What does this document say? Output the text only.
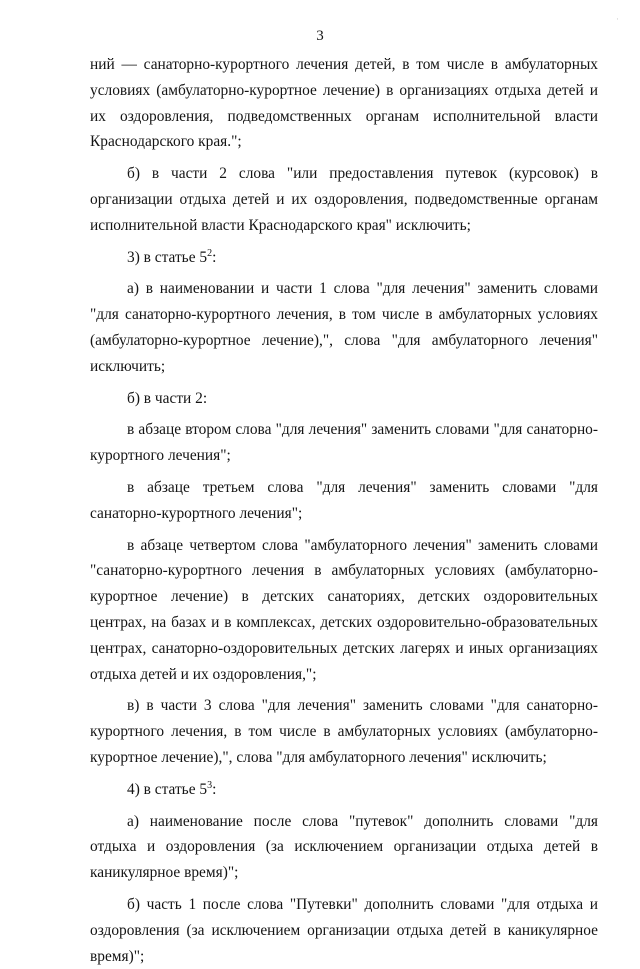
·
3

ний — санаторно-курортного лечения детей, в том числе в амбулаторных условиях (амбулаторно-курортное лечение) в организациях отдыха детей и их оздоровления, подведомственных органам исполнительной власти Краснодарского края.";

б) в части 2 слова "или предоставления путевок (курсовок) в организации отдыха детей и их оздоровления, подведомственные органам исполнительной власти Краснодарского края" исключить;

3) в статье $5^2$:

а) в наименовании и части 1 слова "для лечения" заменить словами "для санаторно-курортного лечения, в том числе в амбулаторных условиях (амбулаторно-курортное лечение),", слова "для амбулаторного лечения" исключить;

б) в части 2:

в абзаце втором слова "для лечения" заменить словами "для санаторно-курортного лечения";

в абзаце третьем слова "для лечения" заменить словами "для санаторно-курортного лечения";

в абзаце четвертом слова "амбулаторного лечения" заменить словами "санаторно-курортного лечения в амбулаторных условиях (амбулаторно-курортное лечение) в детских санаториях, детских оздоровительных центрах, на базах и в комплексах, детских оздоровительно-образовательных центрах, санаторно-оздоровительных детских лагерях и иных организациях отдыха детей и их оздоровления,";

в) в части 3 слова "для лечения" заменить словами "для санаторно-курортного лечения, в том числе в амбулаторных условиях (амбулаторно-курортное лечение),", слова "для амбулаторного лечения" исключить;

4) в статье $5^3$:

а) наименование после слова "путевок" дополнить словами "для отдыха и оздоровления (за исключением организации отдыха детей в каникулярное время)";

б) часть 1 после слова "Путевки" дополнить словами "для отдыха и оздоровления (за исключением организации отдыха детей в каникулярное время)";
